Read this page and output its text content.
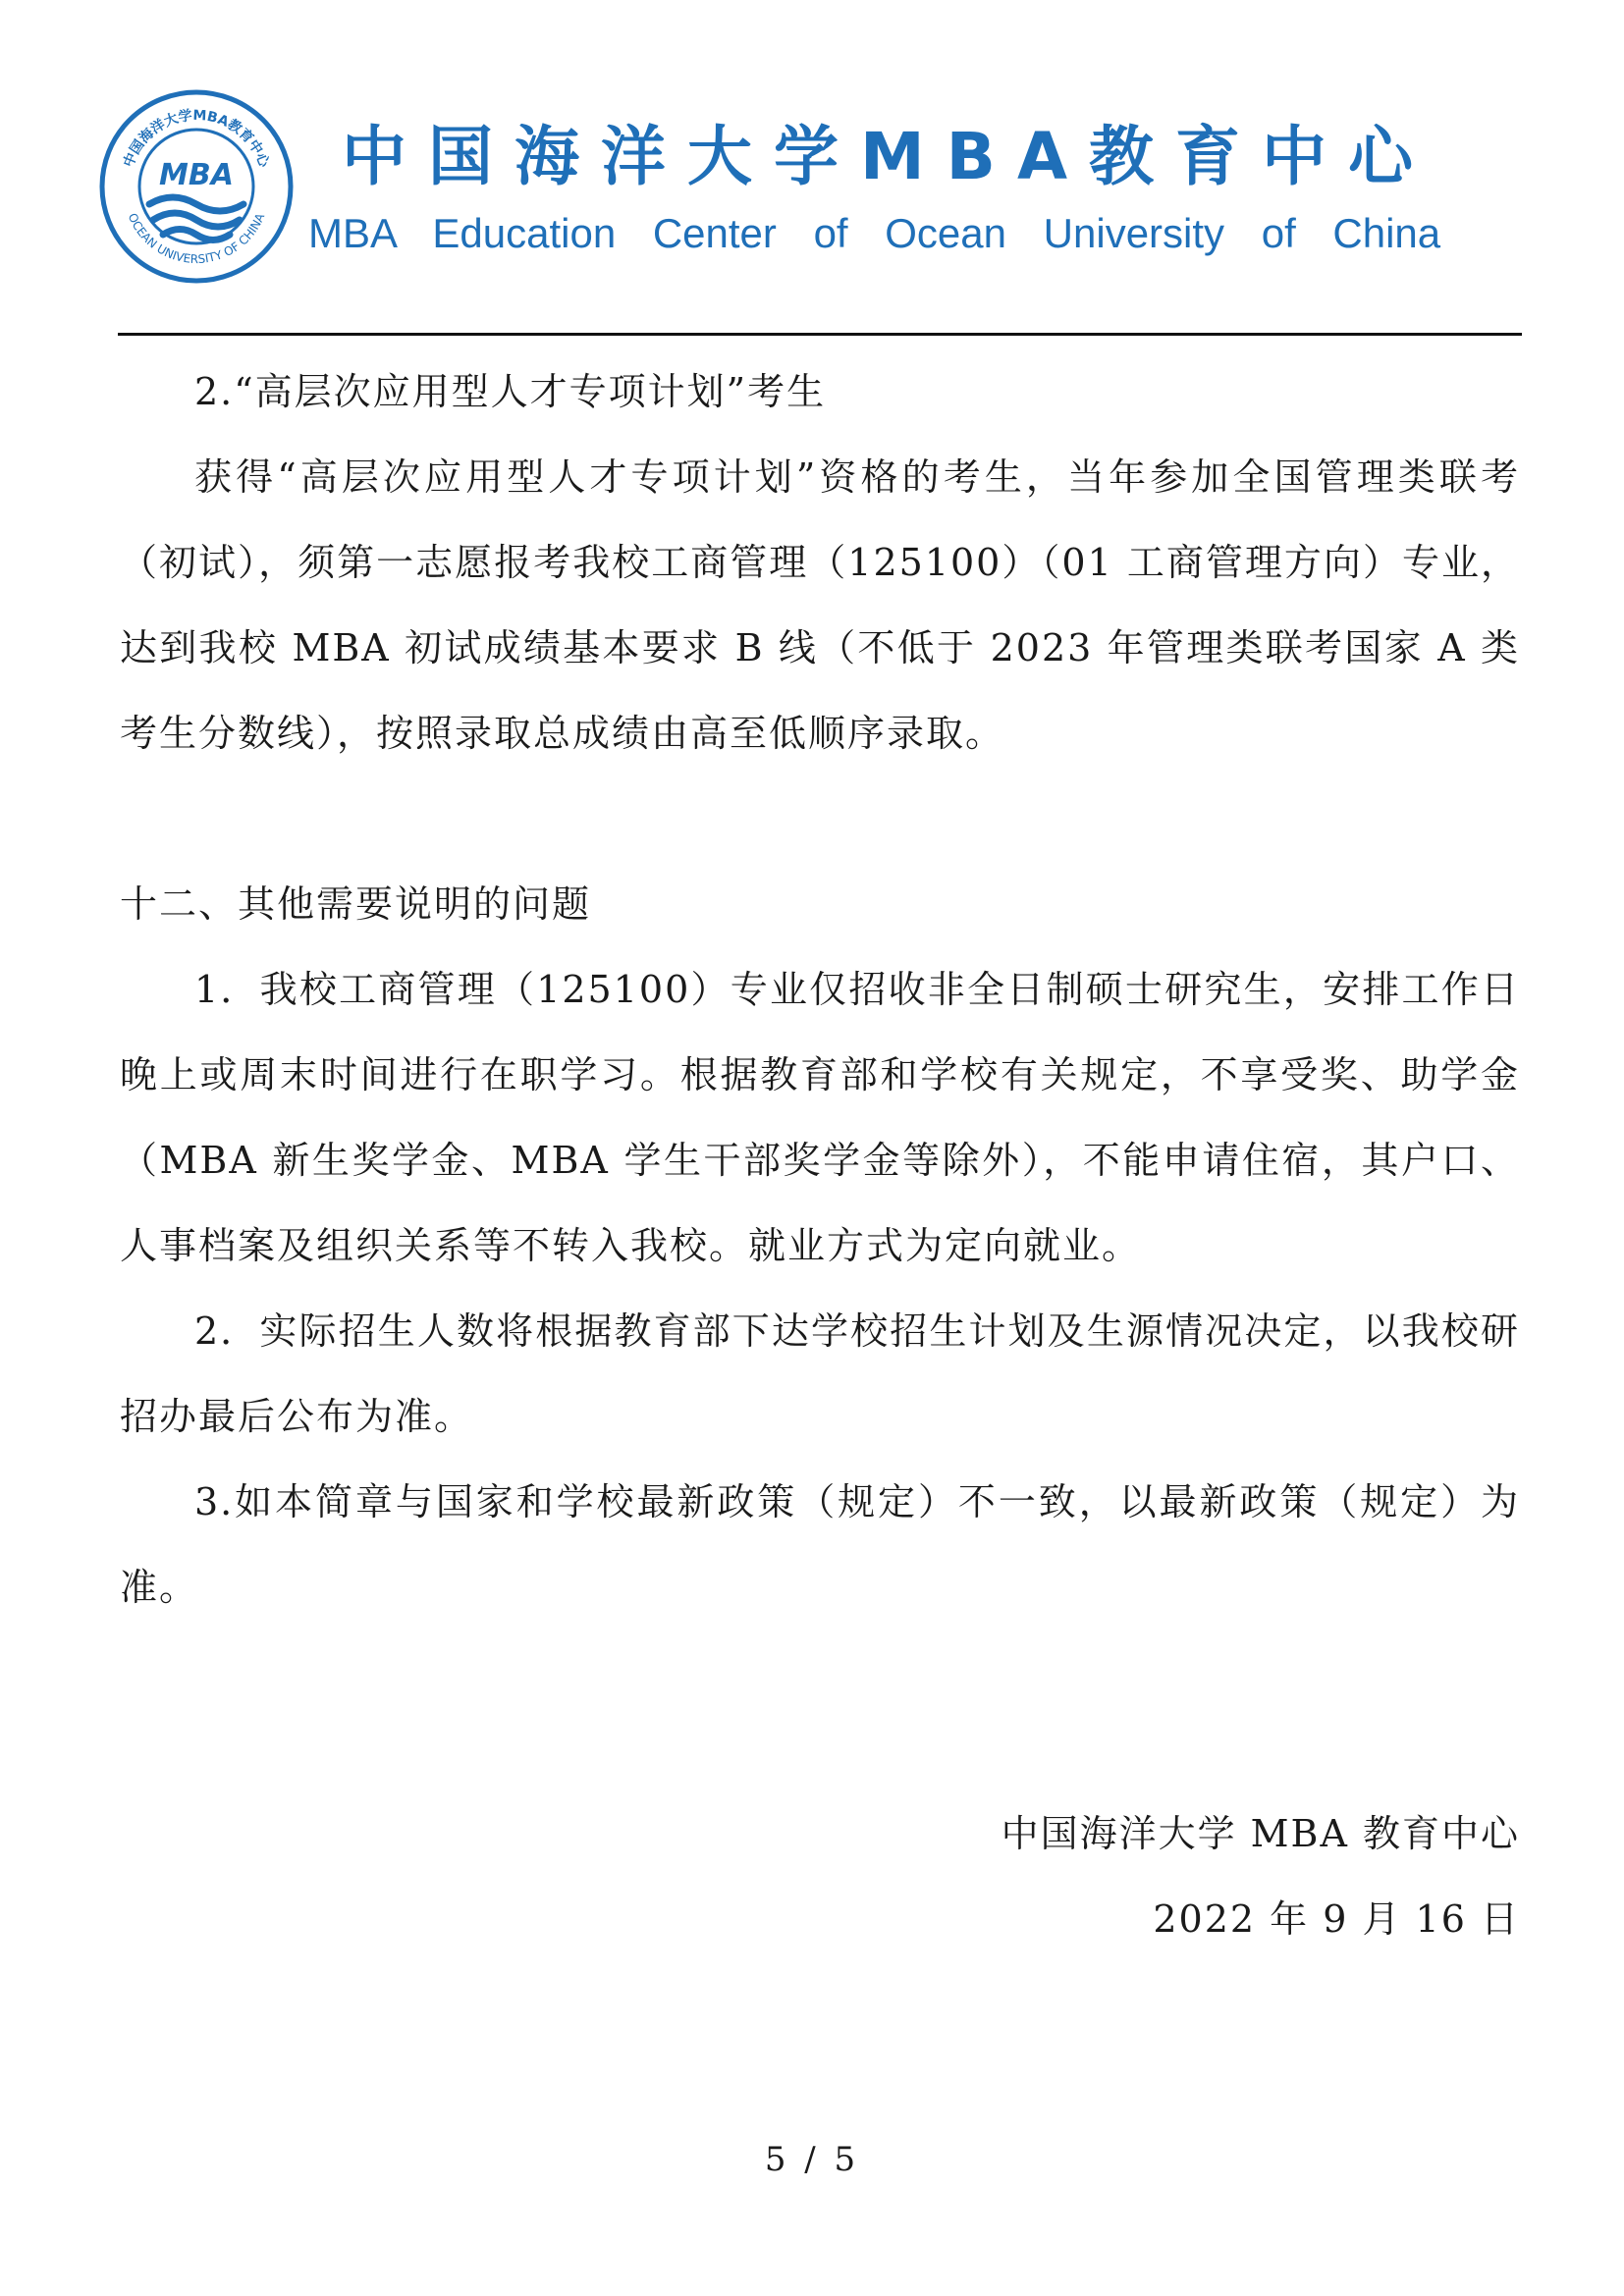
中国海洋大学MBA教育中心
OCEAN UNIVERSITY OF CHINA
MBA 中国海洋大学MBA教育中心
MBA Education Center of Ocean University of China

2.“高层次应用型人才专项计划”考生

获得“高层次应用型人才专项计划”资格的考生，当年参加全国管理类联考（初试），须第一志愿报考我校工商管理（125100）（01 工商管理方向）专业，达到我校 MBA 初试成绩基本要求 B 线（不低于 2023 年管理类联考国家 A 类考生分数线），按照录取总成绩由高至低顺序录取。

十二、其他需要说明的问题

1．我校工商管理（125100）专业仅招收非全日制硕士研究生，安排工作日晚上或周末时间进行在职学习。根据教育部和学校有关规定，不享受奖、助学金（MBA 新生奖学金、MBA 学生干部奖学金等除外），不能申请住宿，其户口、人事档案及组织关系等不转入我校。就业方式为定向就业。

2．实际招生人数将根据教育部下达学校招生计划及生源情况决定，以我校研招办最后公布为准。

3.如本简章与国家和学校最新政策（规定）不一致，以最新政策（规定）为准。

中国海洋大学 MBA 教育中心
2022 年 9 月 16 日
5 / 5
